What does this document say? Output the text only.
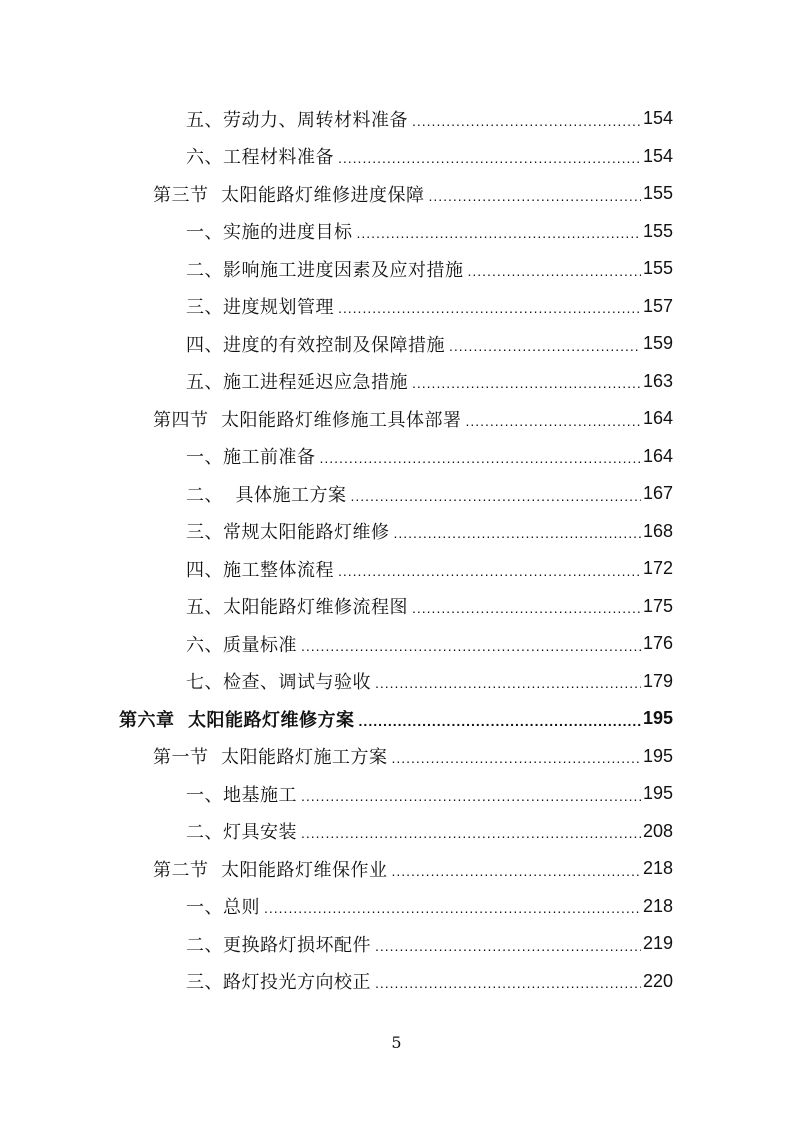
五、劳动力、周转材料准备 .....	154
六、工程材料准备 .....	154
第三节  太阳能路灯维修进度保障 .....	155
一、实施的进度目标 .....	155
二、影响施工进度因素及应对措施 .....	155
三、进度规划管理 .....	157
四、进度的有效控制及保障措施 .....	159
五、施工进程延迟应急措施 .....	163
第四节  太阳能路灯维修施工具体部署 .....	164
一、施工前准备 .....	164
二、  具体施工方案 .....	167
三、常规太阳能路灯维修 .....	168
四、施工整体流程 .....	172
五、太阳能路灯维修流程图 .....	175
六、质量标准 .....	176
七、检查、调试与验收 .....	179
第六章  太阳能路灯维修方案 .....	195
第一节  太阳能路灯施工方案 .....	195
一、地基施工 .....	195
二、灯具安装 .....	208
第二节  太阳能路灯维保作业 .....	218
一、总则 .....	218
二、更换路灯损坏配件 .....	219
三、路灯投光方向校正 .....	220
5
